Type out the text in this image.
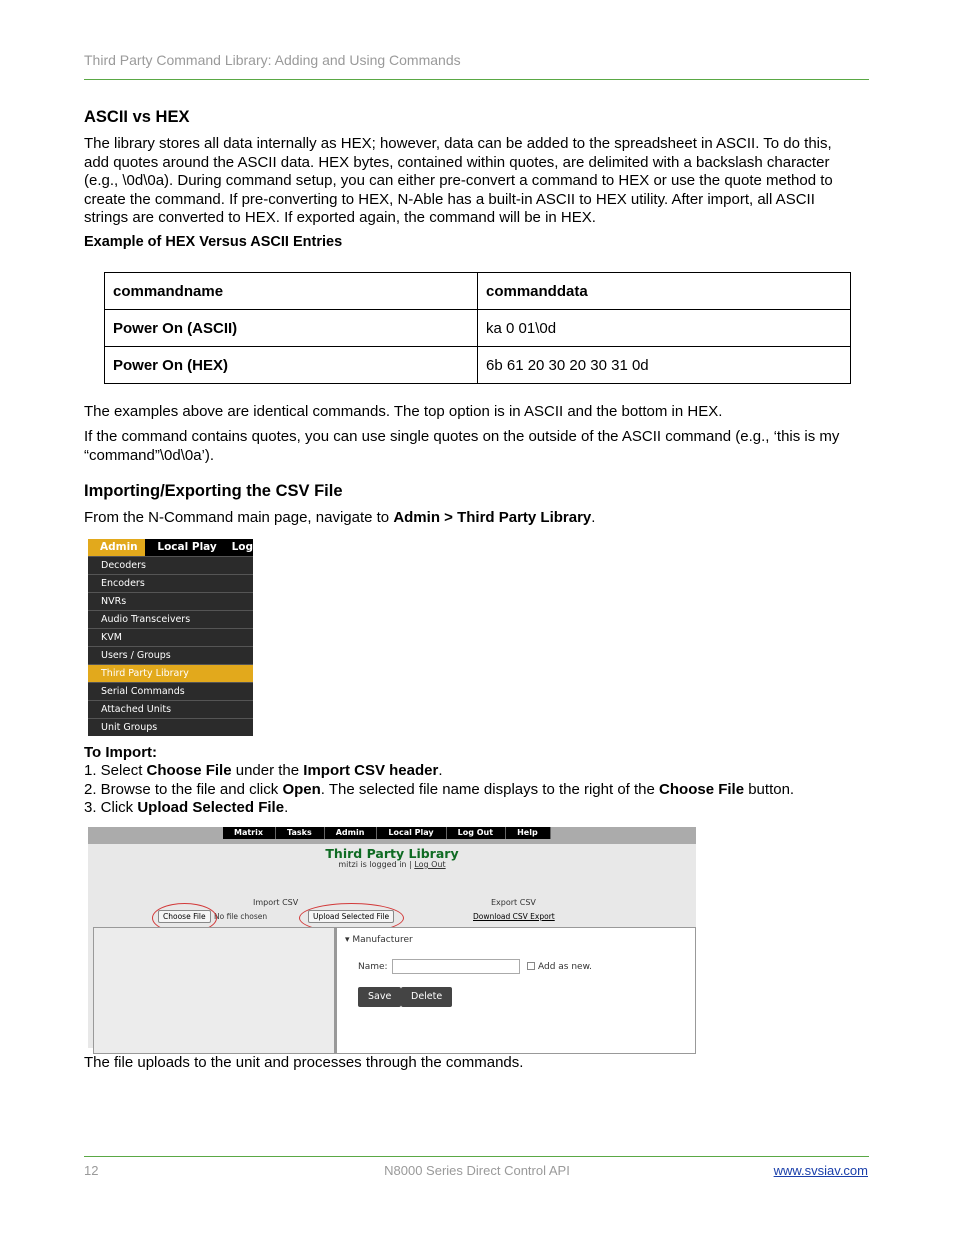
Third Party Command Library: Adding and Using Commands
ASCII vs HEX

The library stores all data internally as HEX; however, data can be added to the spreadsheet in ASCII. To do this,

add quotes around the ASCII data. HEX bytes, contained within quotes, are delimited with a backslash character

(e.g., \0d\0a). During command setup, you can either pre-convert a command to HEX or use the quote method to

create the command. If pre-converting to HEX, N-Able has a built-in ASCII to HEX utility. After import, all ASCII

strings are converted to HEX. If exported again, the command will be in HEX.

Example of HEX Versus ASCII Entries
commandname	commanddata
Power On (ASCII)	ka 0 01\0d
Power On (HEX)	6b 61 20 30 20 30 31 0d

The examples above are identical commands. The top option is in ASCII and the bottom in HEX.

If the command contains quotes, you can use single quotes on the outside of the ASCII command (e.g., ‘this is my

“command”\0d\0a’).

Importing/Exporting the CSV File

From the N-Command main page, navigate to Admin > Third Party Library.

Admin	Local Play	Log
Decoders
Encoders
NVRs
Audio Transceivers
KVM
Users / Groups
Third Party Library
Serial Commands
Attached Units
Unit Groups
To Import:

1. Select Choose File under the Import CSV header.

2. Browse to the file and click Open. The selected file name displays to the right of the Choose File button.

3. Click Upload Selected File.

Matrix	Tasks	Admin	Local Play	Log Out	Help
Third Party Library
mitzi is logged in | Log Out
Import CSV
Choose File	No file chosen	Upload Selected File
Export CSV
Download CSV Export
▾ Manufacturer
Name:	Add as new.
Save	Delete

The file uploads to the unit and processes through the commands.

12	N8000 Series Direct Control API	www.svsiav.com
